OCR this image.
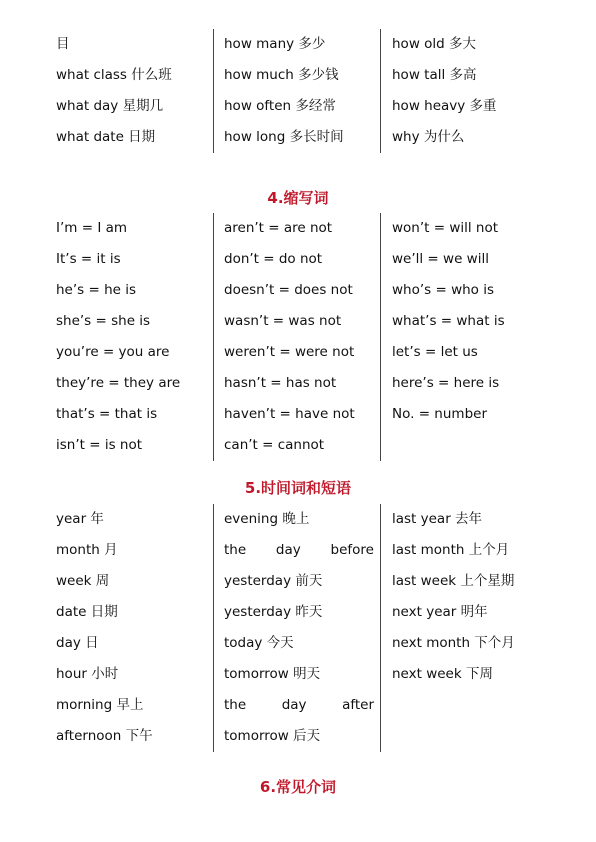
目
what class 什么班
what day 星期几
what date 日期
how many 多少
how much 多少钱
how often 多经常
how long 多长时间
how old 多大
how tall 多高
how heavy 多重
why 为什么
4.缩写词
I’m = I am
It’s = it is
he’s = he is
she’s = she is
you’re = you are
they’re = they are
that’s = that is
isn’t = is not
aren’t = are not
don’t = do not
doesn’t = does not
wasn’t = was not
weren’t = were not
hasn’t = has not
haven’t = have not
can’t = cannot
won’t = will not
we’ll = we will
who’s = who is
what’s = what is
let’s = let us
here’s = here is
No. = number
5.时间词和短语
year 年
month 月
week 周
date 日期
day 日
hour 小时
morning 早上
afternoon 下午
evening 晚上
the day before
yesterday 前天
yesterday 昨天
today 今天
tomorrow 明天
the	day	after
tomorrow 后天
last year 去年
last month 上个月
last week 上个星期
next year 明年
next month 下个月
next week 下周
6.常见介词
